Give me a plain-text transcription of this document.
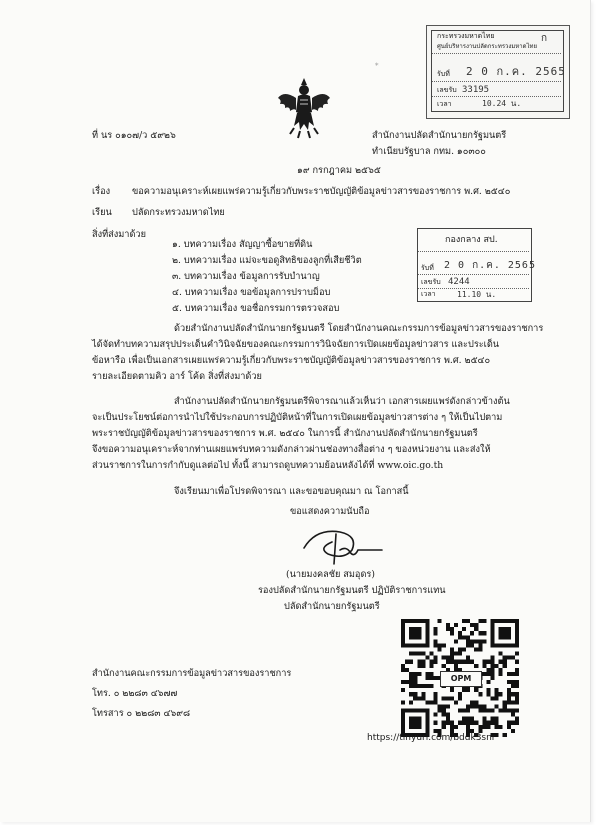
กระทรวงมหาดไทย
ศูนย์บริหารงานปลัดกระทรวงมหาดไทย
ก
รับที่ 2 0 ก.ค. 2565
เลขรับ 33195
เวลา	10.24 น.
*
ที่ นร ๐๑๐๗/ว ๕๙๒๖	สำนักงานปลัดสำนักนายกรัฐมนตรี
ทำเนียบรัฐบาล กทม. ๑๐๓๐๐
๑๙ กรกฎาคม ๒๕๖๕
เรื่อง ขอความอนุเคราะห์เผยแพร่ความรู้เกี่ยวกับพระราชบัญญัติข้อมูลข่าวสารของราชการ พ.ศ. ๒๕๔๐
เรียน ปลัดกระทรวงมหาดไทย
สิ่งที่ส่งมาด้วย
๑. บทความเรื่อง สัญญาซื้อขายที่ดิน
๒. บทความเรื่อง แม่จะขอดูสิทธิของลูกที่เสียชีวิต
๓. บทความเรื่อง ข้อมูลการรับบำนาญ
๔. บทความเรื่อง ขอข้อมูลการปราบม็อบ
๕. บทความเรื่อง ขอชื่อกรรมการตรวจสอบ
กองกลาง สป.
รับที่ 2 0 ก.ค. 2565
เลขรับ 4244
เวลา	11.10 น.
ด้วยสำนักงานปลัดสำนักนายกรัฐมนตรี โดยสำนักงานคณะกรรมการข้อมูลข่าวสารของราชการ
ได้จัดทำบทความสรุปประเด็นคำวินิจฉัยของคณะกรรมการวินิจฉัยการเปิดเผยข้อมูลข่าวสาร และประเด็น
ข้อหารือ เพื่อเป็นเอกสารเผยแพร่ความรู้เกี่ยวกับพระราชบัญญัติข้อมูลข่าวสารของราชการ พ.ศ. ๒๕๔๐
รายละเอียดตามคิว อาร์ โค้ด สิ่งที่ส่งมาด้วย
สำนักงานปลัดสำนักนายกรัฐมนตรีพิจารณาแล้วเห็นว่า เอกสารเผยแพร่ดังกล่าวข้างต้น
จะเป็นประโยชน์ต่อการนำไปใช้ประกอบการปฏิบัติหน้าที่ในการเปิดเผยข้อมูลข่าวสารต่าง ๆ ให้เป็นไปตาม
พระราชบัญญัติข้อมูลข่าวสารของราชการ พ.ศ. ๒๕๔๐ ในการนี้ สำนักงานปลัดสำนักนายกรัฐมนตรี
จึงขอความอนุเคราะห์จากท่านเผยแพร่บทความดังกล่าวผ่านช่องทางสื่อต่าง ๆ ของหน่วยงาน และส่งให้
ส่วนราชการในการกำกับดูแลต่อไป ทั้งนี้ สามารถดูบทความย้อนหลังได้ที่ www.oic.go.th
จึงเรียนมาเพื่อโปรดพิจารณา และขอขอบคุณมา ณ โอกาสนี้
ขอแสดงความนับถือ
(นายมงคลชัย สมอุดร)
รองปลัดสำนักนายกรัฐมนตรี ปฏิบัติราชการแทน
ปลัดสำนักนายกรัฐมนตรี
สำนักงานคณะกรรมการข้อมูลข่าวสารของราชการ
โทร. ๐ ๒๒๘๓ ๔๖๗๗
โทรสาร ๐ ๒๒๘๓ ๔๖๙๘
OPM
https://tinyurl.com/bddk3snr
